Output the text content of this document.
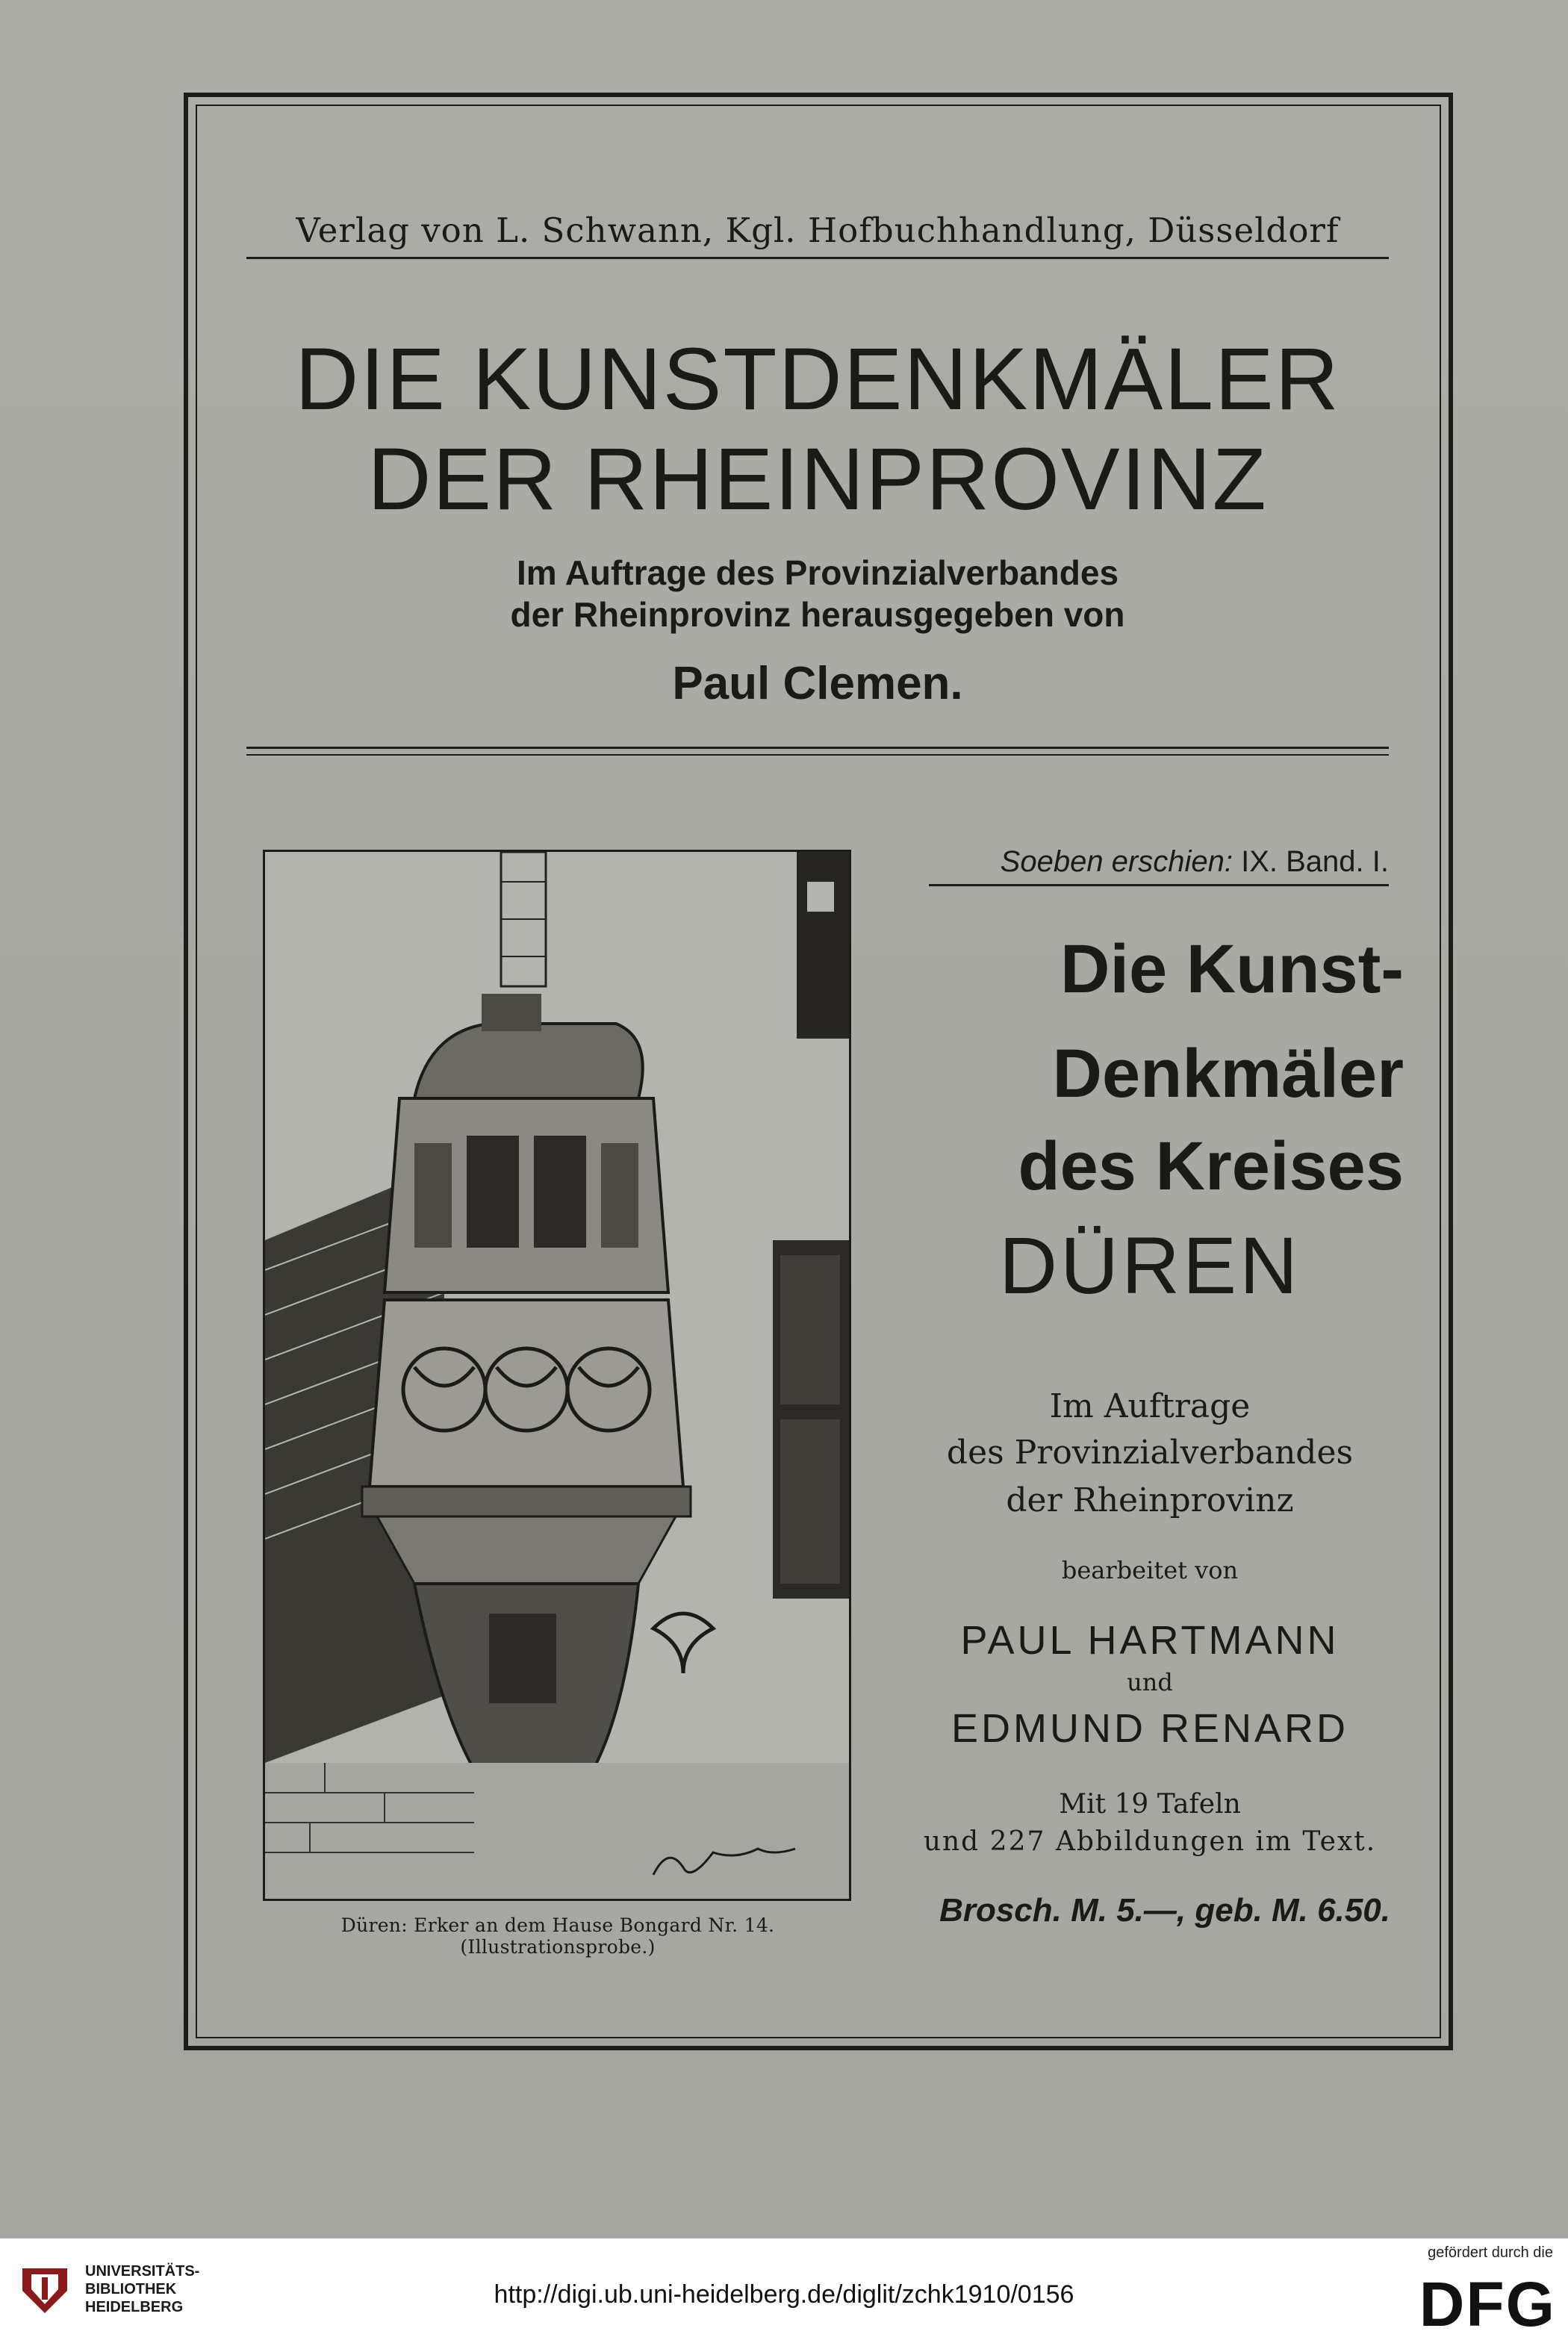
Verlag von L. Schwann, Kgl. Hofbuchhandlung, Düsseldorf
DIE KUNSTDENKMÄLER
DER RHEINPROVINZ
Im Auftrage des Provinzialverbandes
der Rheinprovinz herausgegeben von
Paul Clemen.
Düren: Erker an dem Hause Bongard Nr. 14. (Illustrationsprobe.)
Soeben erschien: IX. Band. I.
Die Kunst-
Denkmäler
des Kreises
DÜREN
Im Auftrage
des Provinzialverbandes
der Rheinprovinz
bearbeitet von
PAUL HARTMANN
und
EDMUND RENARD
Mit 19 Tafeln
und 227 Abbildungen im Text.
Brosch. M. 5.—, geb. M. 6.50.
UNIVERSITÄTS-
BIBLIOTHEK
HEIDELBERG	http://digi.ub.uni-heidelberg.de/diglit/zchk1910/0156
gefördert durch die
DFG
